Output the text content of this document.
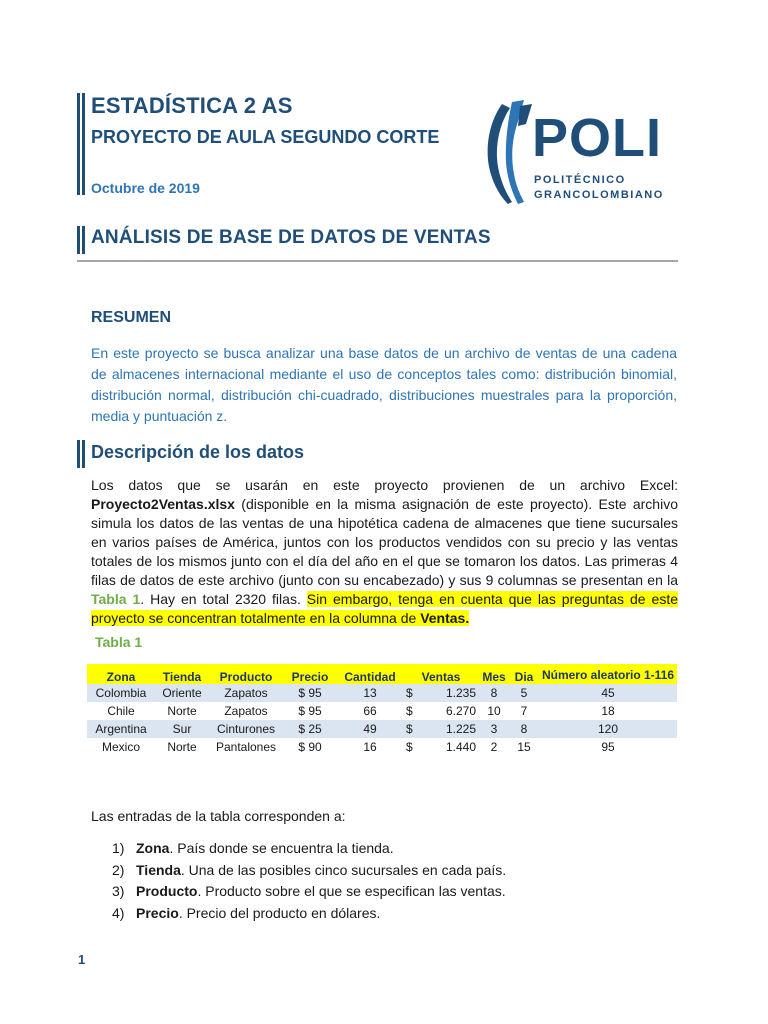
ESTADÍSTICA 2 AS
PROYECTO DE AULA SEGUNDO CORTE
Octubre de 2019
POLI
POLITÉCNICO
GRANCOLOMBIANO
ANÁLISIS DE BASE DE DATOS DE VENTAS
RESUMEN
En este proyecto se busca analizar una base datos de un archivo de ventas de una cadena de almacenes internacional mediante el uso de conceptos tales como: distribución binomial, distribución normal, distribución chi-cuadrado, distribuciones muestrales para la proporción, media y puntuación z.
Descripción de los datos
Los datos que se usarán en este proyecto provienen de un archivo Excel: Proyecto2Ventas.xlsx (disponible en la misma asignación de este proyecto). Este archivo simula los datos de las ventas de una hipotética cadena de almacenes que tiene sucursales en varios países de América, juntos con los productos vendidos con su precio y las ventas totales de los mismos junto con el día del año en el que se tomaron los datos. Las primeras 4 filas de datos de este archivo (junto con su encabezado) y sus 9 columnas se presentan en la Tabla 1. Hay en total 2320 filas. Sin embargo, tenga en cuenta que las preguntas de este proyecto se concentran totalmente en la columna de Ventas.
Tabla 1
Zona	Tienda	Producto	Precio	Cantidad	Ventas		Mes	Dia	Número aleatorio 1-116
Colombia	Oriente	Zapatos	$ 95	13	$	1.235	8	5	45
Chile	Norte	Zapatos	$ 95	66	$	6.270	10	7	18
Argentina	Sur	Cinturones	$ 25	49	$	1.225	3	8	120
Mexico	Norte	Pantalones	$ 90	16	$	1.440	2	15	95
Las entradas de la tabla corresponden a:
1) Zona. País donde se encuentra la tienda.
2) Tienda. Una de las posibles cinco sucursales en cada país.
3) Producto. Producto sobre el que se especifican las ventas.
4) Precio. Precio del producto en dólares.
1
